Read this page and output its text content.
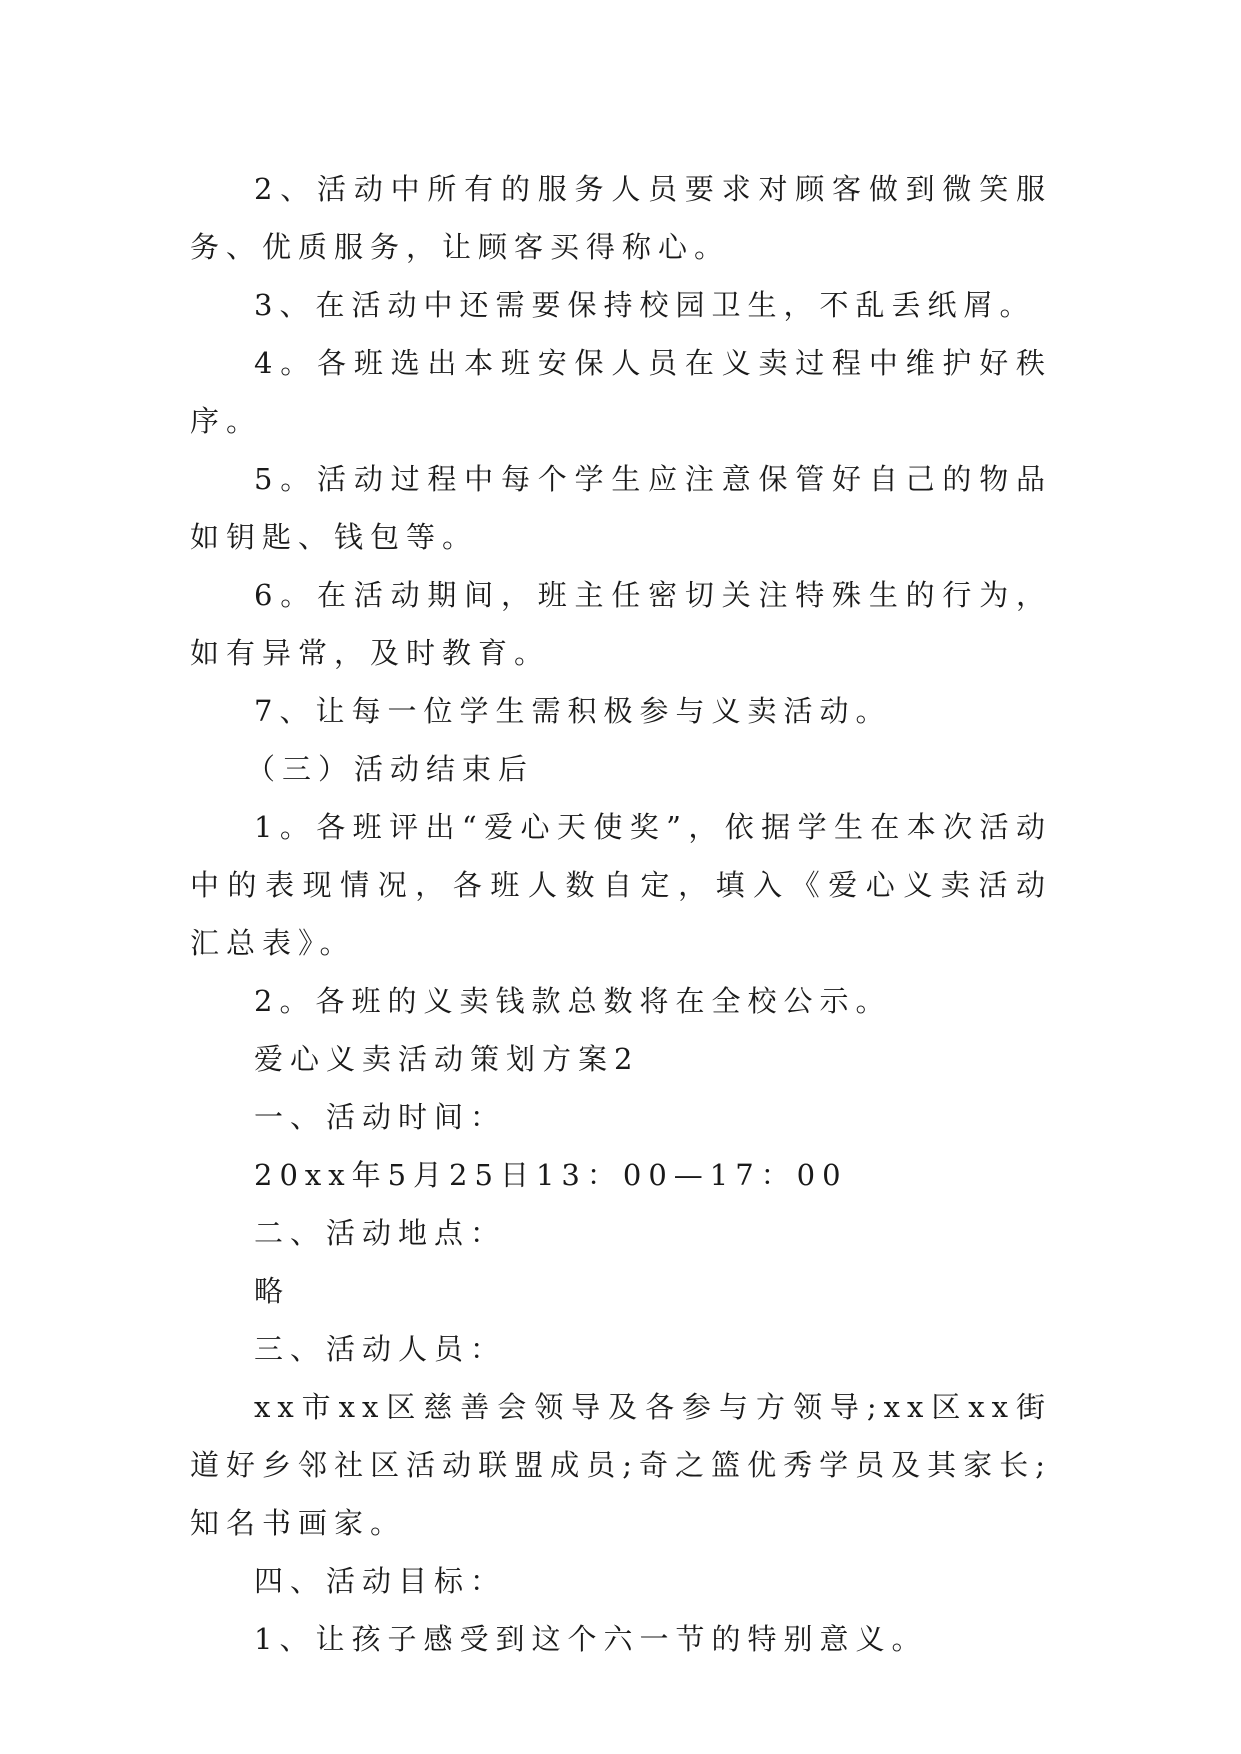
2、活动中所有的服务人员要求对顾客做到微笑服务、优质服务，让顾客买得称心。

3、在活动中还需要保持校园卫生，不乱丢纸屑。

4。各班选出本班安保人员在义卖过程中维护好秩序。

5。活动过程中每个学生应注意保管好自己的物品如钥匙、钱包等。

6。在活动期间，班主任密切关注特殊生的行为，如有异常，及时教育。

7、让每一位学生需积极参与义卖活动。

（三）活动结束后

1。各班评出“爱心天使奖”，依据学生在本次活动中的表现情况，各班人数自定，填入《爱心义卖活动汇总表》。

2。各班的义卖钱款总数将在全校公示。

爱心义卖活动策划方案2

一、活动时间：

20xx年5月25日13：00—17：00

二、活动地点：

略

三、活动人员：

xx市xx区慈善会领导及各参与方领导;xx区xx街道好乡邻社区活动联盟成员;奇之篮优秀学员及其家长;知名书画家。

四、活动目标：

1、让孩子感受到这个六一节的特别意义。
